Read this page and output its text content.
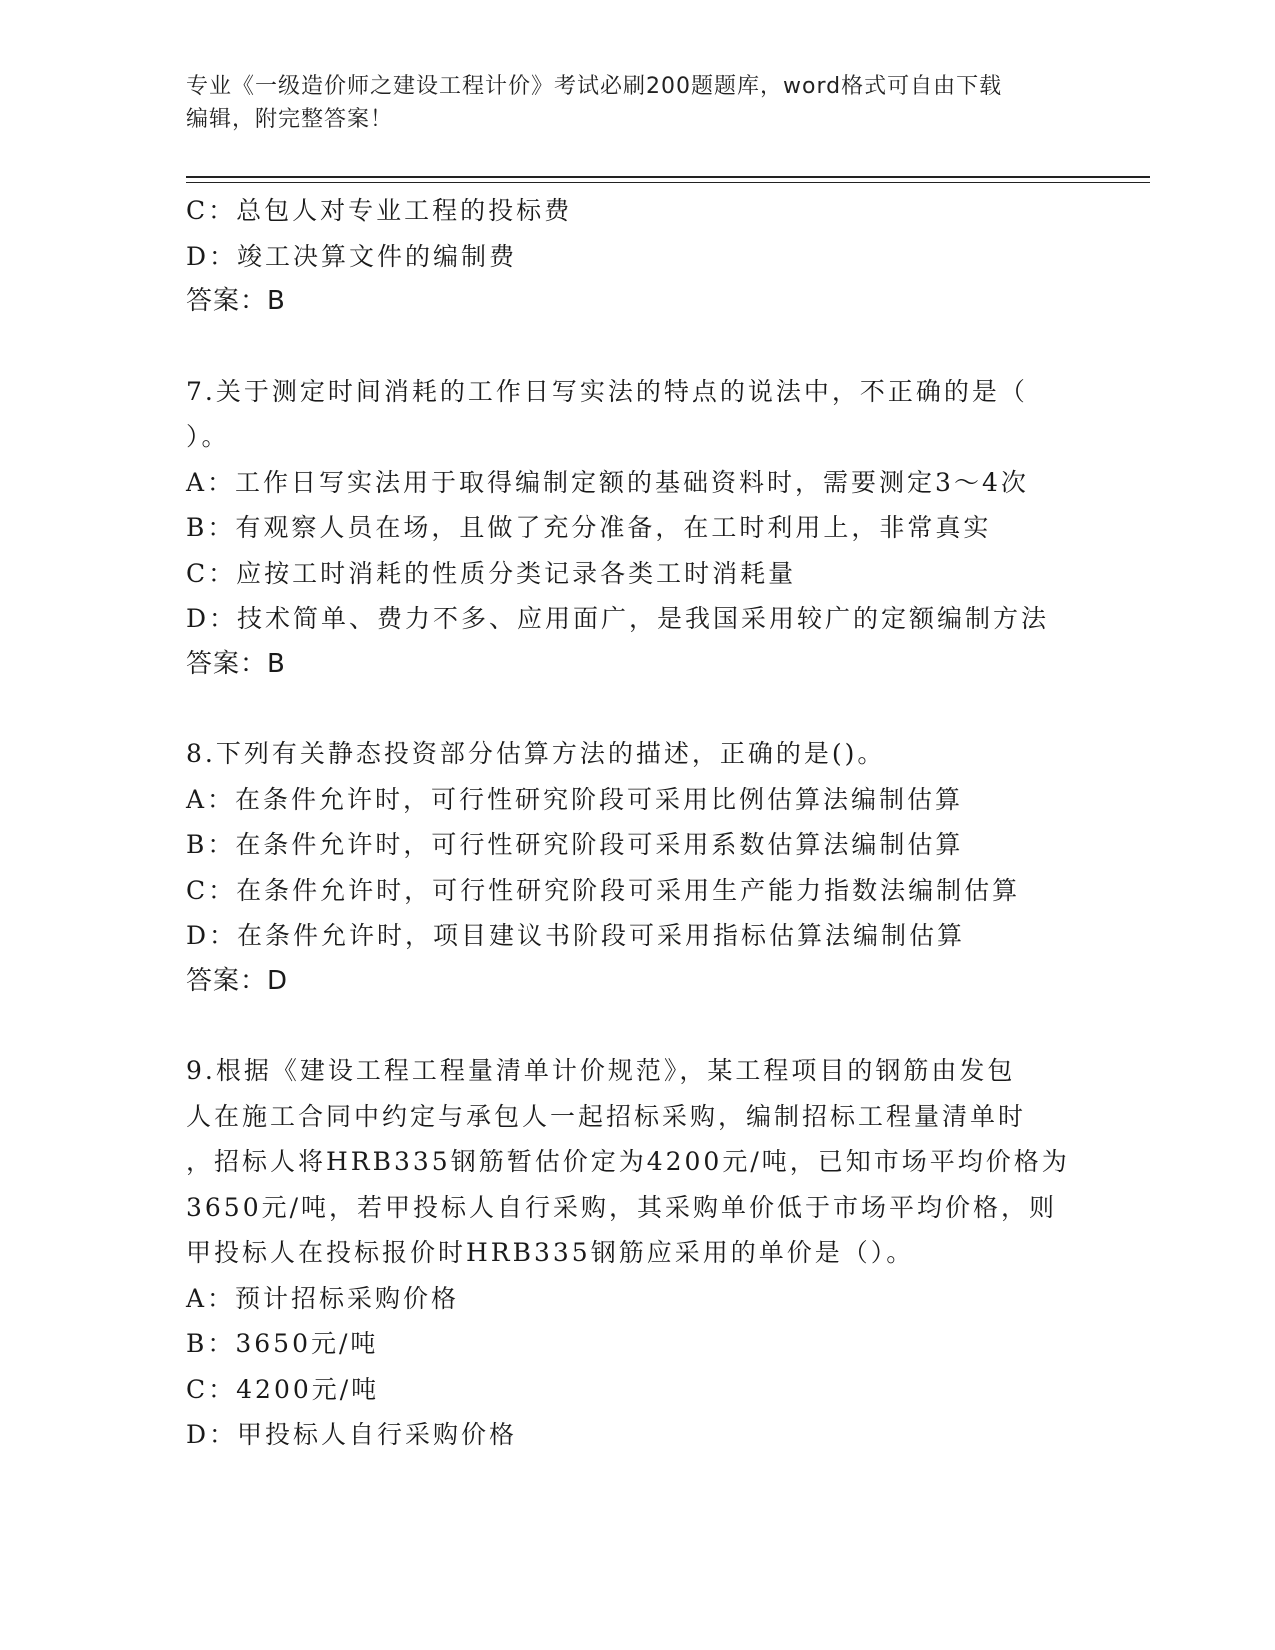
专业《一级造价师之建设工程计价》考试必刷200题题库，word格式可自由下载
编辑，附完整答案！
C：总包人对专业工程的投标费
D：竣工决算文件的编制费
答案：B
7.关于测定时间消耗的工作日写实法的特点的说法中，不正确的是（
）。
A：工作日写实法用于取得编制定额的基础资料时，需要测定3～4次
B：有观察人员在场，且做了充分准备，在工时利用上，非常真实
C：应按工时消耗的性质分类记录各类工时消耗量
D：技术简单、费力不多、应用面广，是我国采用较广的定额编制方法
答案：B
8.下列有关静态投资部分估算方法的描述，正确的是()。
A：在条件允许时，可行性研究阶段可采用比例估算法编制估算
B：在条件允许时，可行性研究阶段可采用系数估算法编制估算
C：在条件允许时，可行性研究阶段可采用生产能力指数法编制估算
D：在条件允许时，项目建议书阶段可采用指标估算法编制估算
答案：D
9.根据《建设工程工程量清单计价规范》，某工程项目的钢筋由发包
人在施工合同中约定与承包人一起招标采购，编制招标工程量清单时
，招标人将HRB335钢筋暂估价定为4200元/吨，已知市场平均价格为
3650元/吨，若甲投标人自行采购，其采购单价低于市场平均价格，则
甲投标人在投标报价时HRB335钢筋应采用的单价是（）。
A：预计招标采购价格
B：3650元/吨
C：4200元/吨
D：甲投标人自行采购价格
